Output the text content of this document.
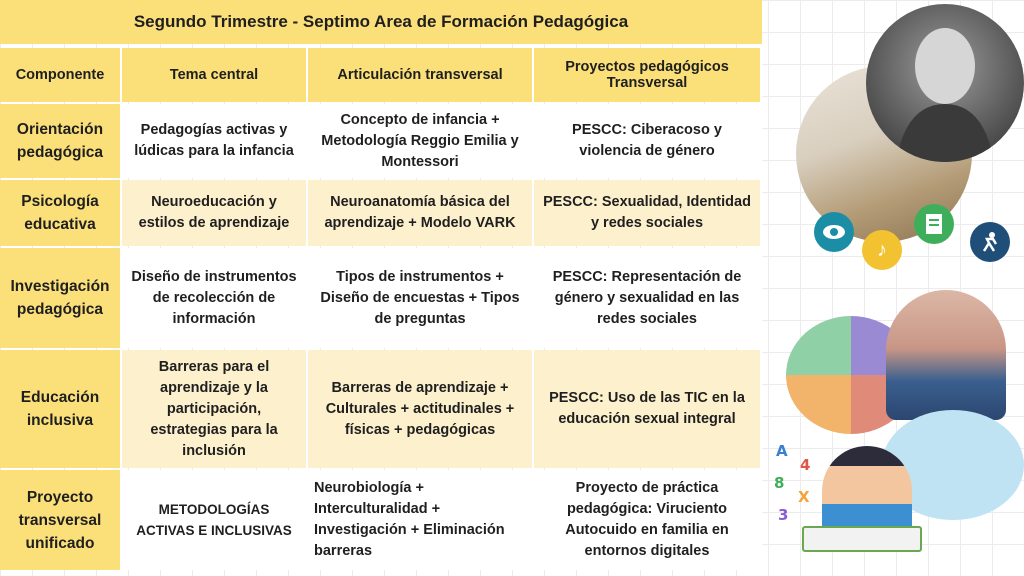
Segundo Trimestre - Septimo Area de Formación Pedagógica
Componente	Tema central	Articulación transversal	Proyectos pedagógicos Transversal
Orientación pedagógica	Pedagogías activas y lúdicas para la infancia	Concepto de infancia + Metodología Reggio Emilia y Montessori	PESCC: Ciberacoso y violencia de género
Psicología educativa	Neuroeducación y estilos de aprendizaje	Neuroanatomía básica del aprendizaje + Modelo VARK	PESCC: Sexualidad, Identidad y redes sociales
Investigación pedagógica	Diseño de instrumentos de recolección de información	Tipos de instrumentos + Diseño de encuestas + Tipos de preguntas	PESCC: Representación de género y sexualidad en las redes sociales
Educación inclusiva	Barreras para el aprendizaje y la participación, estrategias para la inclusión	Barreras de aprendizaje + Culturales + actitudinales + físicas + pedagógicas	PESCC: Uso de las TIC en la educación sexual integral
Proyecto transversal unificado	METODOLOGÍAS ACTIVAS E INCLUSIVAS	Neurobiología + Interculturalidad + Investigación + Eliminación barreras	Proyecto de práctica pedagógica: Viruciento Autocuido en familia en entornos digitales
♪
A
4
8
X
3
